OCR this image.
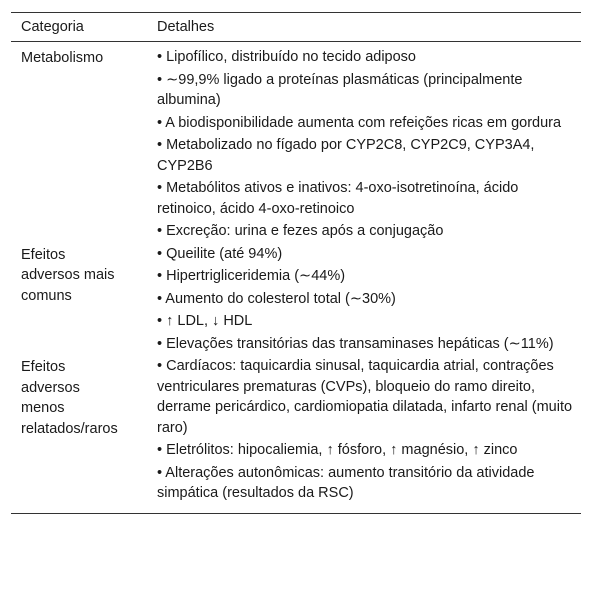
Categoria	Detalhes
Metabolismo	• Lipofílico, distribuído no tecido adiposo
• ∼99,9% ligado a proteínas plasmáticas (principalmente albumina)
• A biodisponibilidade aumenta com refeições ricas em gordura
• Metabolizado no fígado por CYP2C8, CYP2C9, CYP3A4, CYP2B6
• Metabólitos ativos e inativos: 4-oxo-isotretinoína, ácido retinoico, ácido 4-oxo-retinoico
• Excreção: urina e fezes após a conjugação
Efeitos adversos mais comuns
• Queilite (até 94%)
• Hipertrigliceridemia (∼44%)
• Aumento do colesterol total (∼30%)
• ↑ LDL, ↓ HDL
• Elevações transitórias das transaminases hepáticas (∼11%)
Efeitos adversos menos relatados/raros
• Cardíacos: taquicardia sinusal, taquicardia atrial, contrações ventriculares prematuras (CVPs), bloqueio do ramo direito, derrame pericárdico, cardiomiopatia dilatada, infarto renal (muito raro)
• Eletrólitos: hipocaliemia, ↑ fósforo, ↑ magnésio, ↑ zinco
• Alterações autonômicas: aumento transitório da atividade simpática (resultados da RSC)
